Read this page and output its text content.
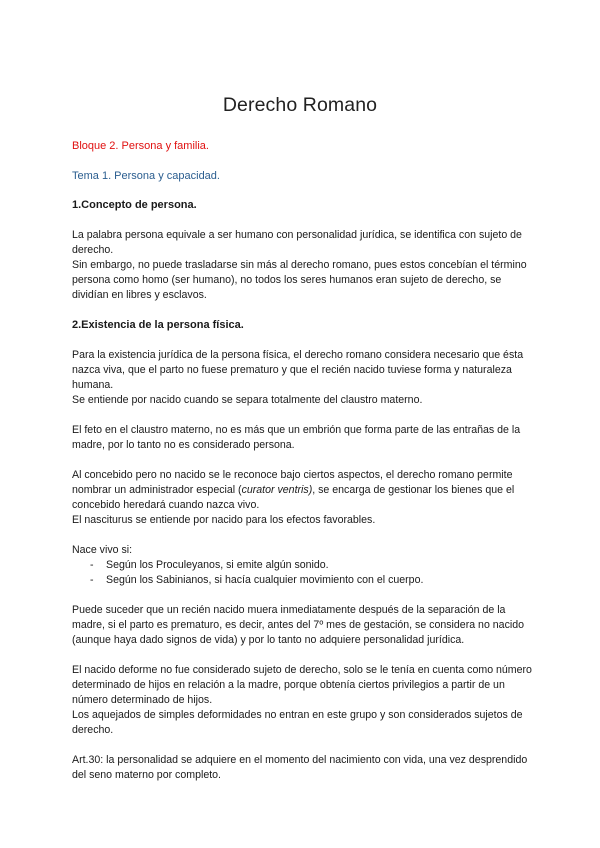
Derecho Romano

Bloque 2. Persona y familia.

Tema 1. Persona y capacidad.

1.Concepto de persona.

La palabra persona equivale a ser humano con personalidad jurídica, se identifica con sujeto de derecho.
Sin embargo, no puede trasladarse sin más al derecho romano, pues estos concebían el término persona como homo (ser humano), no todos los seres humanos eran sujeto de derecho, se dividían en libres y esclavos.

2.Existencia de la persona física.

Para la existencia jurídica de la persona física, el derecho romano considera necesario que ésta nazca viva, que el parto no fuese prematuro y que el recién nacido tuviese forma y naturaleza humana.
Se entiende por nacido cuando se separa totalmente del claustro materno.

El feto en el claustro materno, no es más que un embrión que forma parte de las entrañas de la madre, por lo tanto no es considerado persona.

Al concebido pero no nacido se le reconoce bajo ciertos aspectos, el derecho romano permite nombrar un administrador especial (curator ventris), se encarga de gestionar los bienes que el concebido heredará cuando nazca vivo.
El nasciturus se entiende por nacido para los efectos favorables.

Nace vivo si:

- Según los Proculeyanos, si emite algún sonido.
- Según los Sabinianos, si hacía cualquier movimiento con el cuerpo.

Puede suceder que un recién nacido muera inmediatamente después de la separación de la madre, si el parto es prematuro, es decir, antes del 7º mes de gestación, se considera no nacido (aunque haya dado signos de vida) y por lo tanto no adquiere personalidad jurídica.

El nacido deforme no fue considerado sujeto de derecho, solo se le tenía en cuenta como número determinado de hijos en relación a la madre, porque obtenía ciertos privilegios a partir de un número determinado de hijos.
Los aquejados de simples deformidades no entran en este grupo y son considerados sujetos de derecho.

Art.30: la personalidad se adquiere en el momento del nacimiento con vida, una vez desprendido del seno materno por completo.
